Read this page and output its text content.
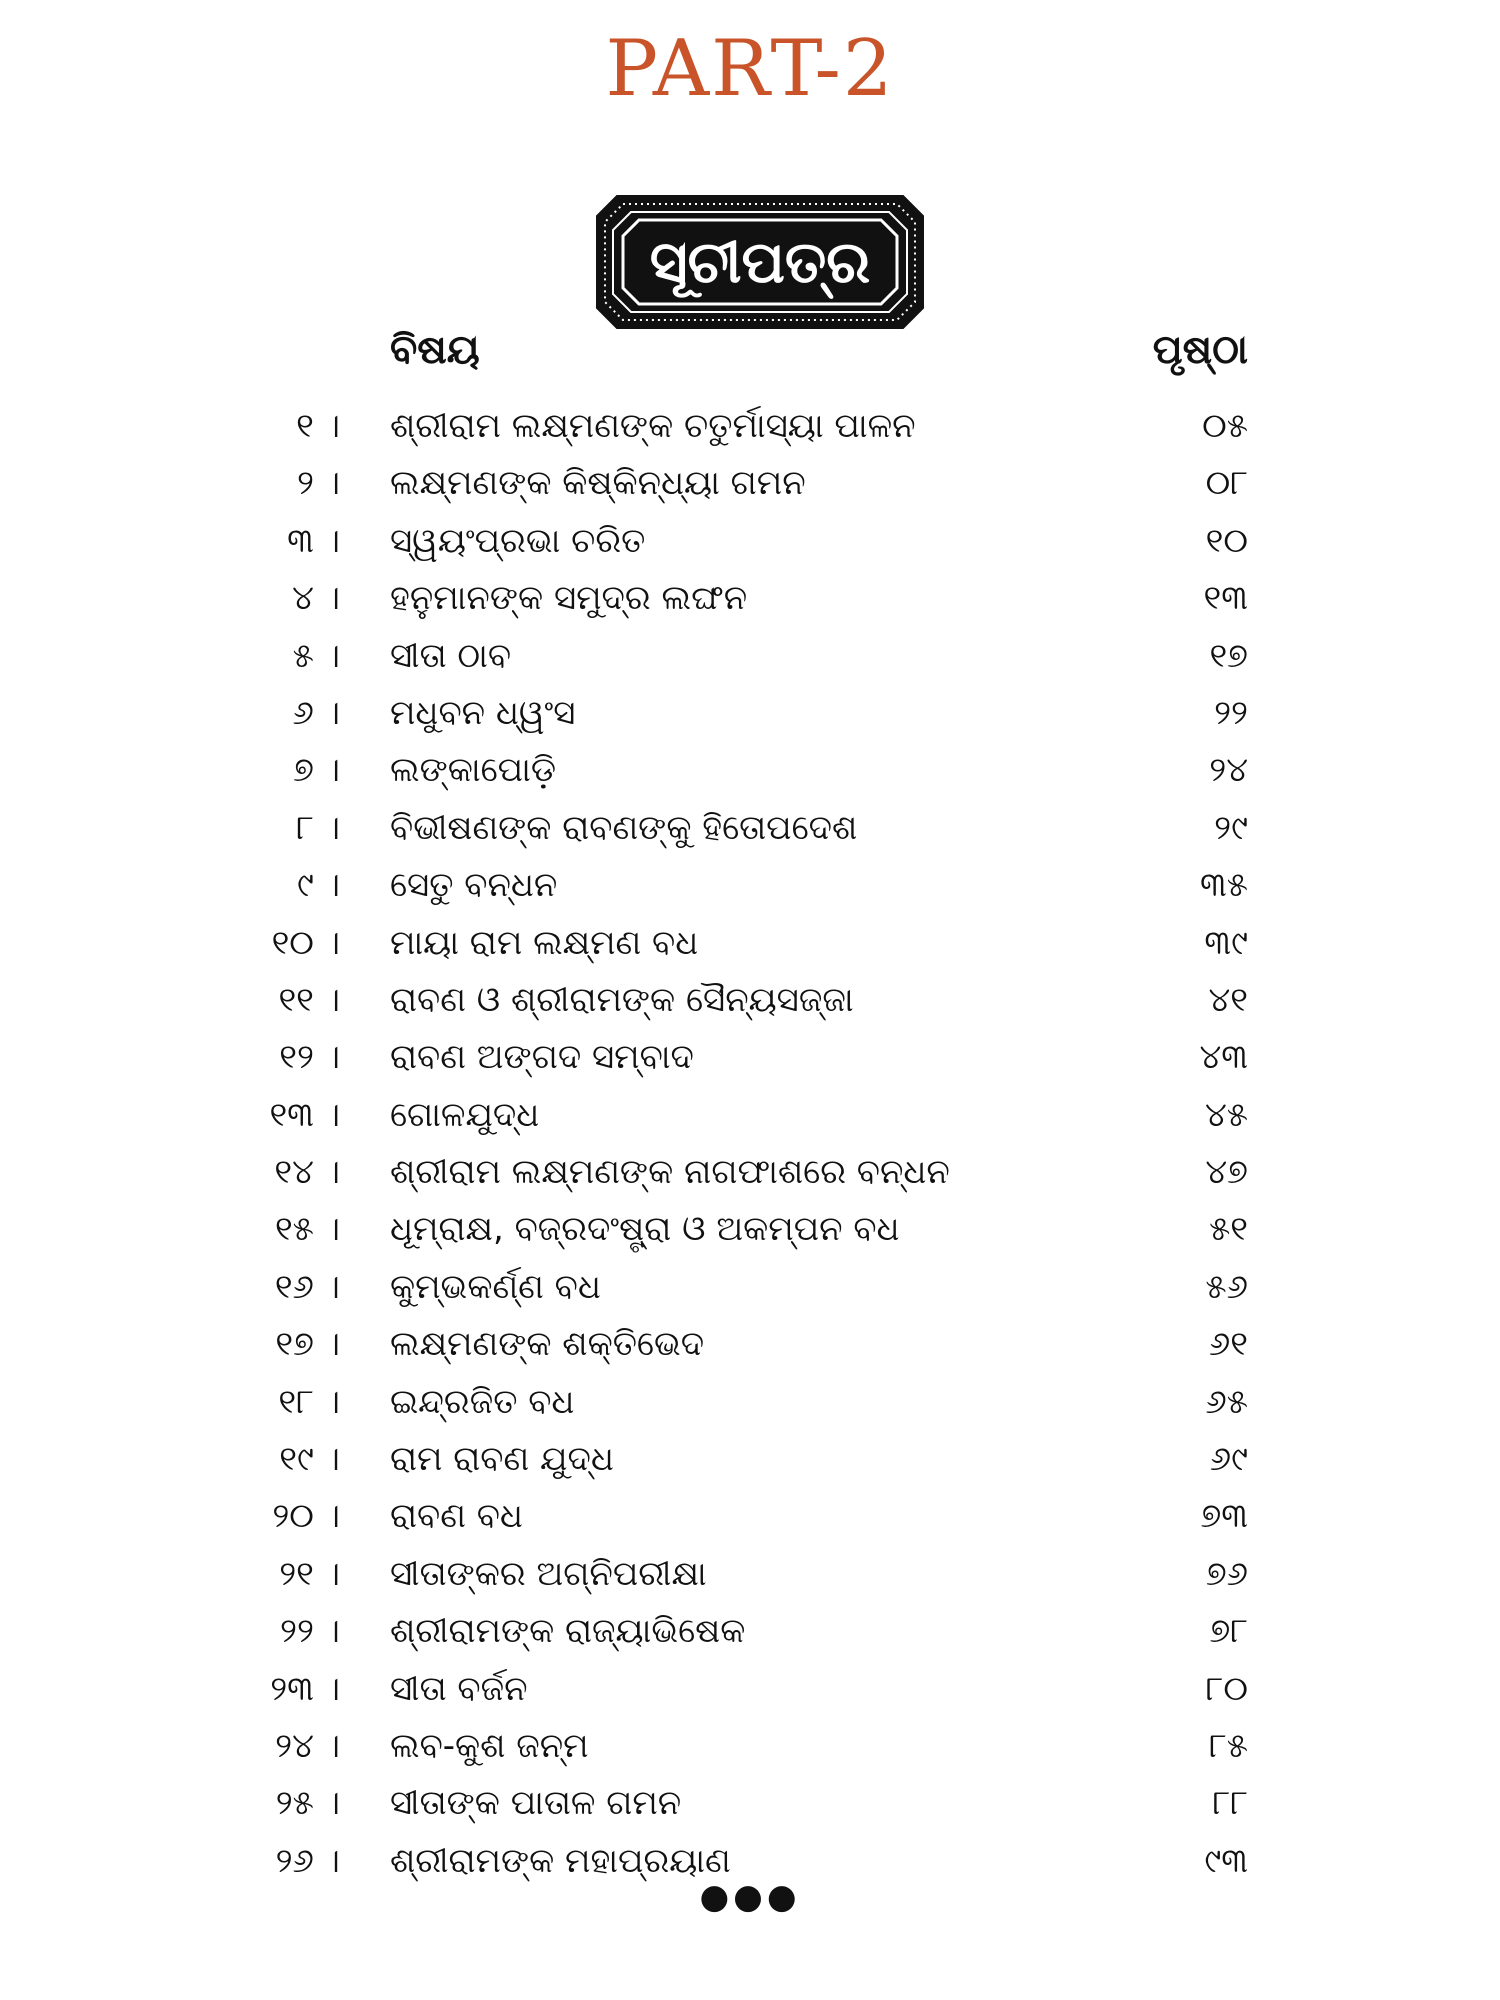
PART-2
ସୂଚୀପତ୍ର
ବିଷୟ	ପୃଷ୍ଠା
୧ । ଶ୍ରୀରାମ ଲକ୍ଷ୍ମଣଙ୍କ ଚତୁର୍ମାସ୍ୟା ପାଳନ	୦୫
୨ । ଲକ୍ଷ୍ମଣଙ୍କ କିଷ୍କିନ୍ଧ୍ୟା ଗମନ	୦୮
୩ । ସ୍ୱୟଂପ୍ରଭା ଚରିତ	୧୦
୪ । ହନୁମାନଙ୍କ ସମୁଦ୍ର ଲଙ୍ଘନ	୧୩
୫ । ସୀତା ଠାବ	୧୭
୬ । ମଧୁବନ ଧ୍ୱଂସ	୨୨
୭ । ଲଙ୍କାପୋଡ଼ି	୨୪
୮ । ବିଭୀଷଣଙ୍କ ରାବଣଙ୍କୁ ହିତୋପଦେଶ	୨୯
୯ । ସେତୁ ବନ୍ଧନ	୩୫
୧୦ । ମାୟା ରାମ ଲକ୍ଷ୍ମଣ ବଧ	୩୯
୧୧ । ରାବଣ ଓ ଶ୍ରୀରାମଙ୍କ ସୈନ୍ୟସଜ୍ଜା	୪୧
୧୨ । ରାବଣ ଅଙ୍ଗଦ ସମ୍ବାଦ	୪୩
୧୩ । ଗୋଳଯୁଦ୍ଧ	୪୫
୧୪ । ଶ୍ରୀରାମ ଲକ୍ଷ୍ମଣଙ୍କ ନାଗଫାଶରେ ବନ୍ଧନ	୪୭
୧୫ । ଧୂମ୍ରାକ୍ଷ, ବଜ୍ରଦଂଷ୍ଟ୍ରା ଓ ଅକମ୍ପନ ବଧ	୫୧
୧୬ । କୁମ୍ଭକର୍ଣ୍ଣ ବଧ	୫୬
୧୭ । ଲକ୍ଷ୍ମଣଙ୍କ ଶକ୍ତିଭେଦ	୬୧
୧୮ । ଇନ୍ଦ୍ରଜିତ ବଧ	୬୫
୧୯ । ରାମ ରାବଣ ଯୁଦ୍ଧ	୬୯
୨୦ । ରାବଣ ବଧ	୭୩
୨୧ । ସୀତାଙ୍କର ଅଗ୍ନିପରୀକ୍ଷା	୭୬
୨୨ । ଶ୍ରୀରାମଙ୍କ ରାଜ୍ୟାଭିଷେକ	୭୮
୨୩ । ସୀତା ବର୍ଜନ	୮୦
୨୪ । ଲବ-କୁଶ ଜନ୍ମ	୮୫
୨୫ । ସୀତାଙ୍କ ପାତାଳ ଗମନ	୮୮
୨୬ । ଶ୍ରୀରାମଙ୍କ ମହାପ୍ରୟାଣ	୯୩
●●●
